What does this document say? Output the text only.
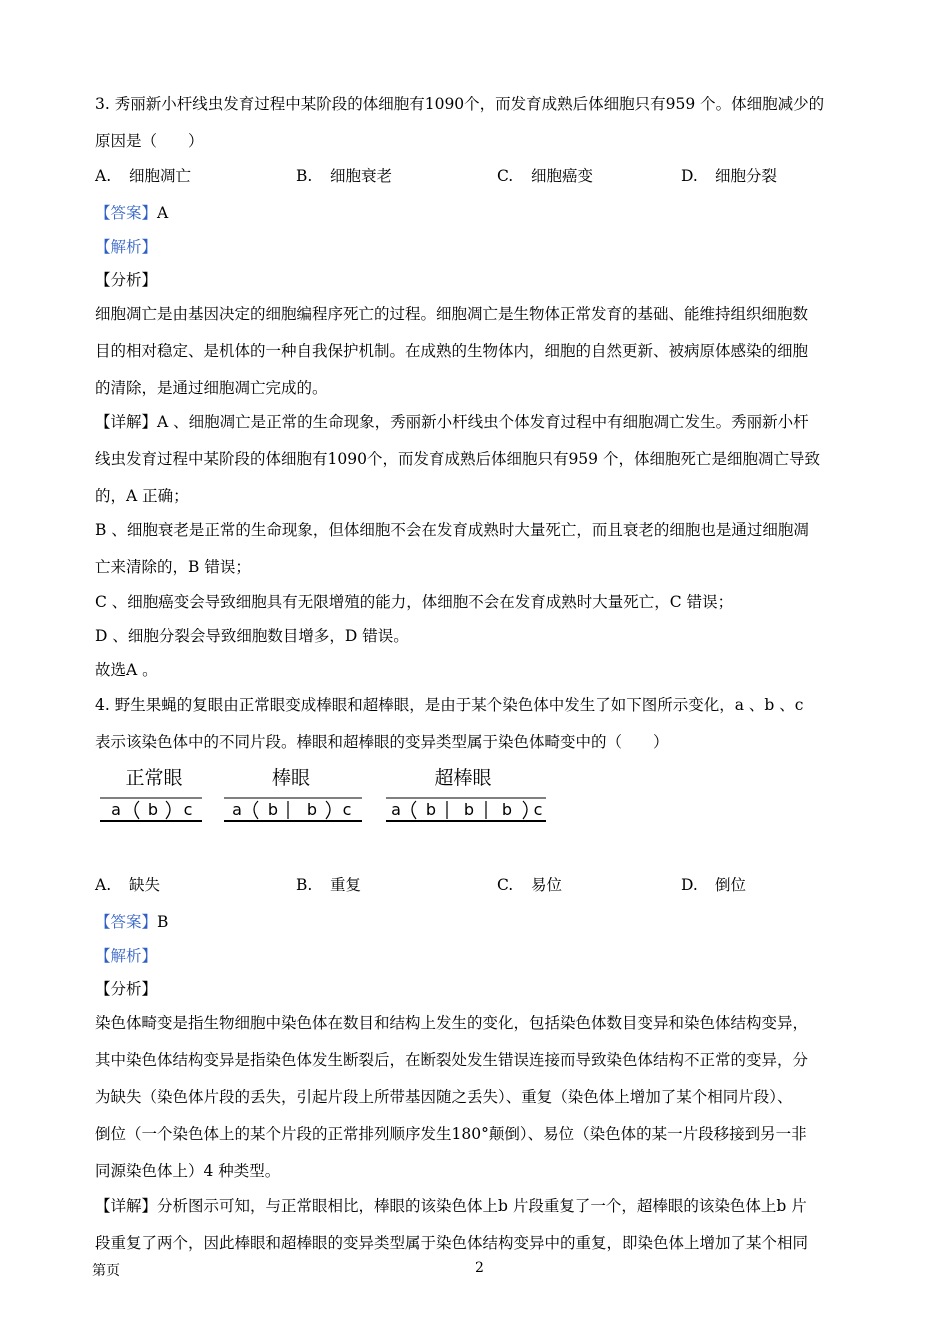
3. 秀丽新小杆线虫发育过程中某阶段的体细胞有1090个，而发育成熟后体细胞只有959 个。体细胞减少的
原因是（　　）
A. 细胞凋亡	B. 细胞衰老	C. 细胞癌变	D. 细胞分裂
【答案】A
【解析】
【分析】
细胞凋亡是由基因决定的细胞编程序死亡的过程。细胞凋亡是生物体正常发育的基础、能维持组织细胞数
目的相对稳定、是机体的一种自我保护机制。在成熟的生物体内，细胞的自然更新、被病原体感染的细胞
的清除，是通过细胞凋亡完成的。
【详解】A 、细胞凋亡是正常的生命现象，秀丽新小杆线虫个体发育过程中有细胞凋亡发生。秀丽新小杆
线虫发育过程中某阶段的体细胞有1090个，而发育成熟后体细胞只有959 个，体细胞死亡是细胞凋亡导致
的，A 正确；
B 、细胞衰老是正常的生命现象，但体细胞不会在发育成熟时大量死亡，而且衰老的细胞也是通过细胞凋
亡来清除的，B 错误；
C 、细胞癌变会导致细胞具有无限增殖的能力，体细胞不会在发育成熟时大量死亡，C 错误；
D 、细胞分裂会导致细胞数目增多，D 错误。
故选A 。
4. 野生果蝇的复眼由正常眼变成棒眼和超棒眼，是由于某个染色体中发生了如下图所示变化，a 、b 、c
表示该染色体中的不同片段。棒眼和超棒眼的变异类型属于染色体畸变中的（　　）
正常眼
a b c
棒眼
a b b c
超棒眼
a b b b c
A. 缺失	B. 重复	C. 易位	D. 倒位
【答案】B
【解析】
【分析】
染色体畸变是指生物细胞中染色体在数目和结构上发生的变化，包括染色体数目变异和染色体结构变异，
其中染色体结构变异是指染色体发生断裂后，在断裂处发生错误连接而导致染色体结构不正常的变异，分
为缺失（染色体片段的丢失，引起片段上所带基因随之丢失）、重复（染色体上增加了某个相同片段）、
倒位（一个染色体上的某个片段的正常排列顺序发生180°颠倒）、易位（染色体的某一片段移接到另一非
同源染色体上）4 种类型。
【详解】分析图示可知，与正常眼相比，棒眼的该染色体上b 片段重复了一个，超棒眼的该染色体上b 片
段重复了两个，因此棒眼和超棒眼的变异类型属于染色体结构变异中的重复，即染色体上增加了某个相同
第页	2
